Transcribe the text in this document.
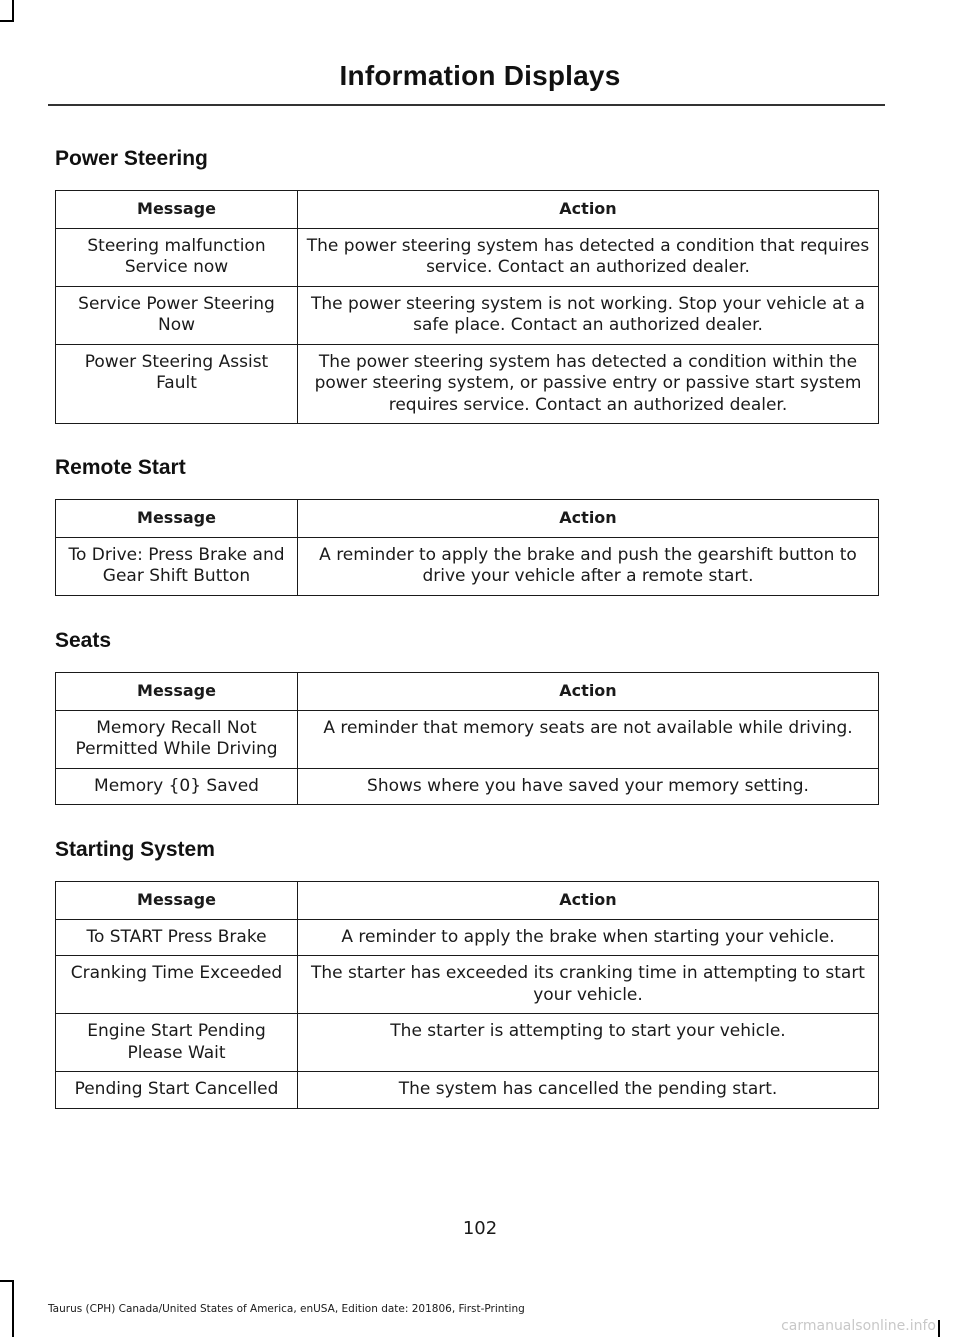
Information Displays
Power Steering
Message	Action
Steering malfunction Service now	The power steering system has detected a condition that requires service. Contact an authorized dealer.
Service Power Steering Now	The power steering system is not working. Stop your vehicle at a safe place. Contact an authorized dealer.
Power Steering Assist Fault	The power steering system has detected a condition within the power steering system, or passive entry or passive start system requires service. Contact an authorized dealer.
Remote Start
Message	Action
To Drive: Press Brake and Gear Shift Button	A reminder to apply the brake and push the gearshift button to drive your vehicle after a remote start.
Seats
Message	Action
Memory Recall Not Permitted While Driving	A reminder that memory seats are not available while driving.
Memory {0} Saved	Shows where you have saved your memory setting.
Starting System
Message	Action
To START Press Brake	A reminder to apply the brake when starting your vehicle.
Cranking Time Exceeded	The starter has exceeded its cranking time in attempting to start your vehicle.
Engine Start Pending Please Wait	The starter is attempting to start your vehicle.
Pending Start Cancelled	The system has cancelled the pending start.
102
Taurus (CPH) Canada/United States of America, enUSA, Edition date: 201806, First-Printing
carmanualsonline.info
